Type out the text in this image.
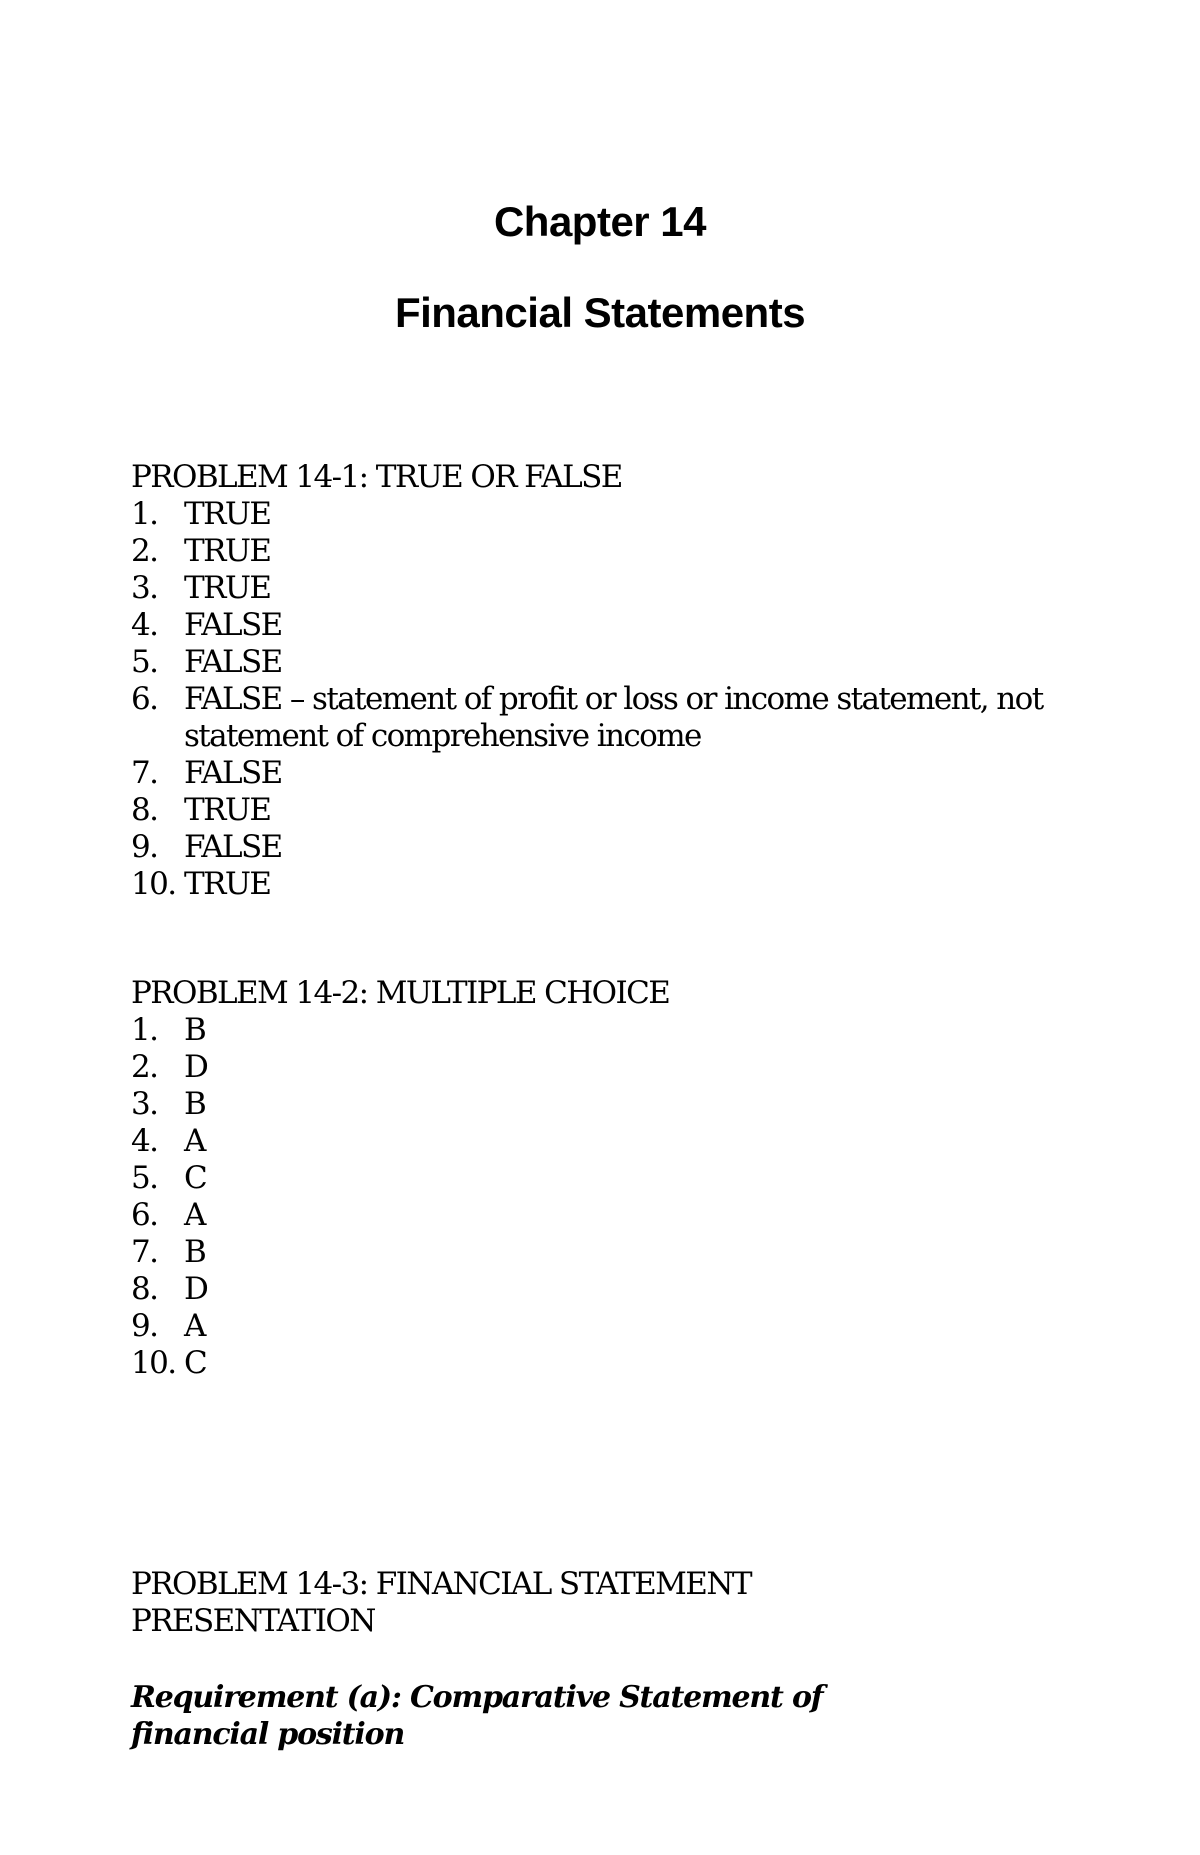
Chapter 14
Financial Statements
PROBLEM 14-1: TRUE OR FALSE
1. TRUE
2. TRUE
3. TRUE
4. FALSE
5. FALSE
6. FALSE – statement of profit or loss or income statement, not statement of comprehensive income
7. FALSE
8. TRUE
9. FALSE
10. TRUE
PROBLEM 14-2: MULTIPLE CHOICE
1. B
2. D
3. B
4. A
5. C
6. A
7. B
8. D
9. A
10. C
PROBLEM 14-3: FINANCIAL STATEMENT PRESENTATION

Requirement (a): Comparative Statement of financial position
